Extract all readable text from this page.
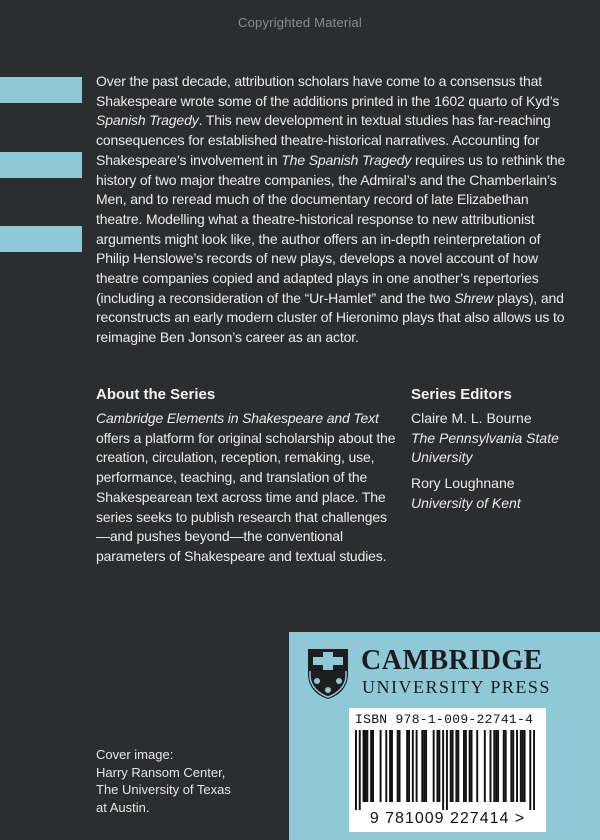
Copyrighted Material

Over the past decade, attribution scholars have come to a consensus that Shakespeare wrote some of the additions printed in the 1602 quarto of Kyd’s Spanish Tragedy. This new development in textual studies has far-reaching consequences for established theatre-historical narratives. Accounting for Shakespeare’s involvement in The Spanish Tragedy requires us to rethink the history of two major theatre companies, the Admiral’s and the Chamberlain’s Men, and to reread much of the documentary record of late Elizabethan theatre. Modelling what a theatre-historical response to new attributionist arguments might look like, the author offers an in-depth reinterpretation of Philip Henslowe’s records of new plays, develops a novel account of how theatre companies copied and adapted plays in one another’s repertories (including a reconsideration of the “Ur-Hamlet” and the two Shrew plays), and reconstructs an early modern cluster of Hieronimo plays that also allows us to reimagine Ben Jonson’s career as an actor.

About the Series

Cambridge Elements in Shakespeare and Text offers a platform for original scholarship about the creation, circulation, reception, remaking, use, performance, teaching, and translation of the Shakespearean text across time and place. The series seeks to publish research that challenges—and pushes beyond—the conventional parameters of Shakespeare and textual studies.

Series Editors
Claire M. L. Bourne
The Pennsylvania State University
Rory Loughnane
University of Kent
Cover image:
Harry Ransom Center,
The University of Texas
at Austin.
CAMBRIDGE
UNIVERSITY PRESS
ISBN 978-1-009-22741-4
9 781009 227414 >
